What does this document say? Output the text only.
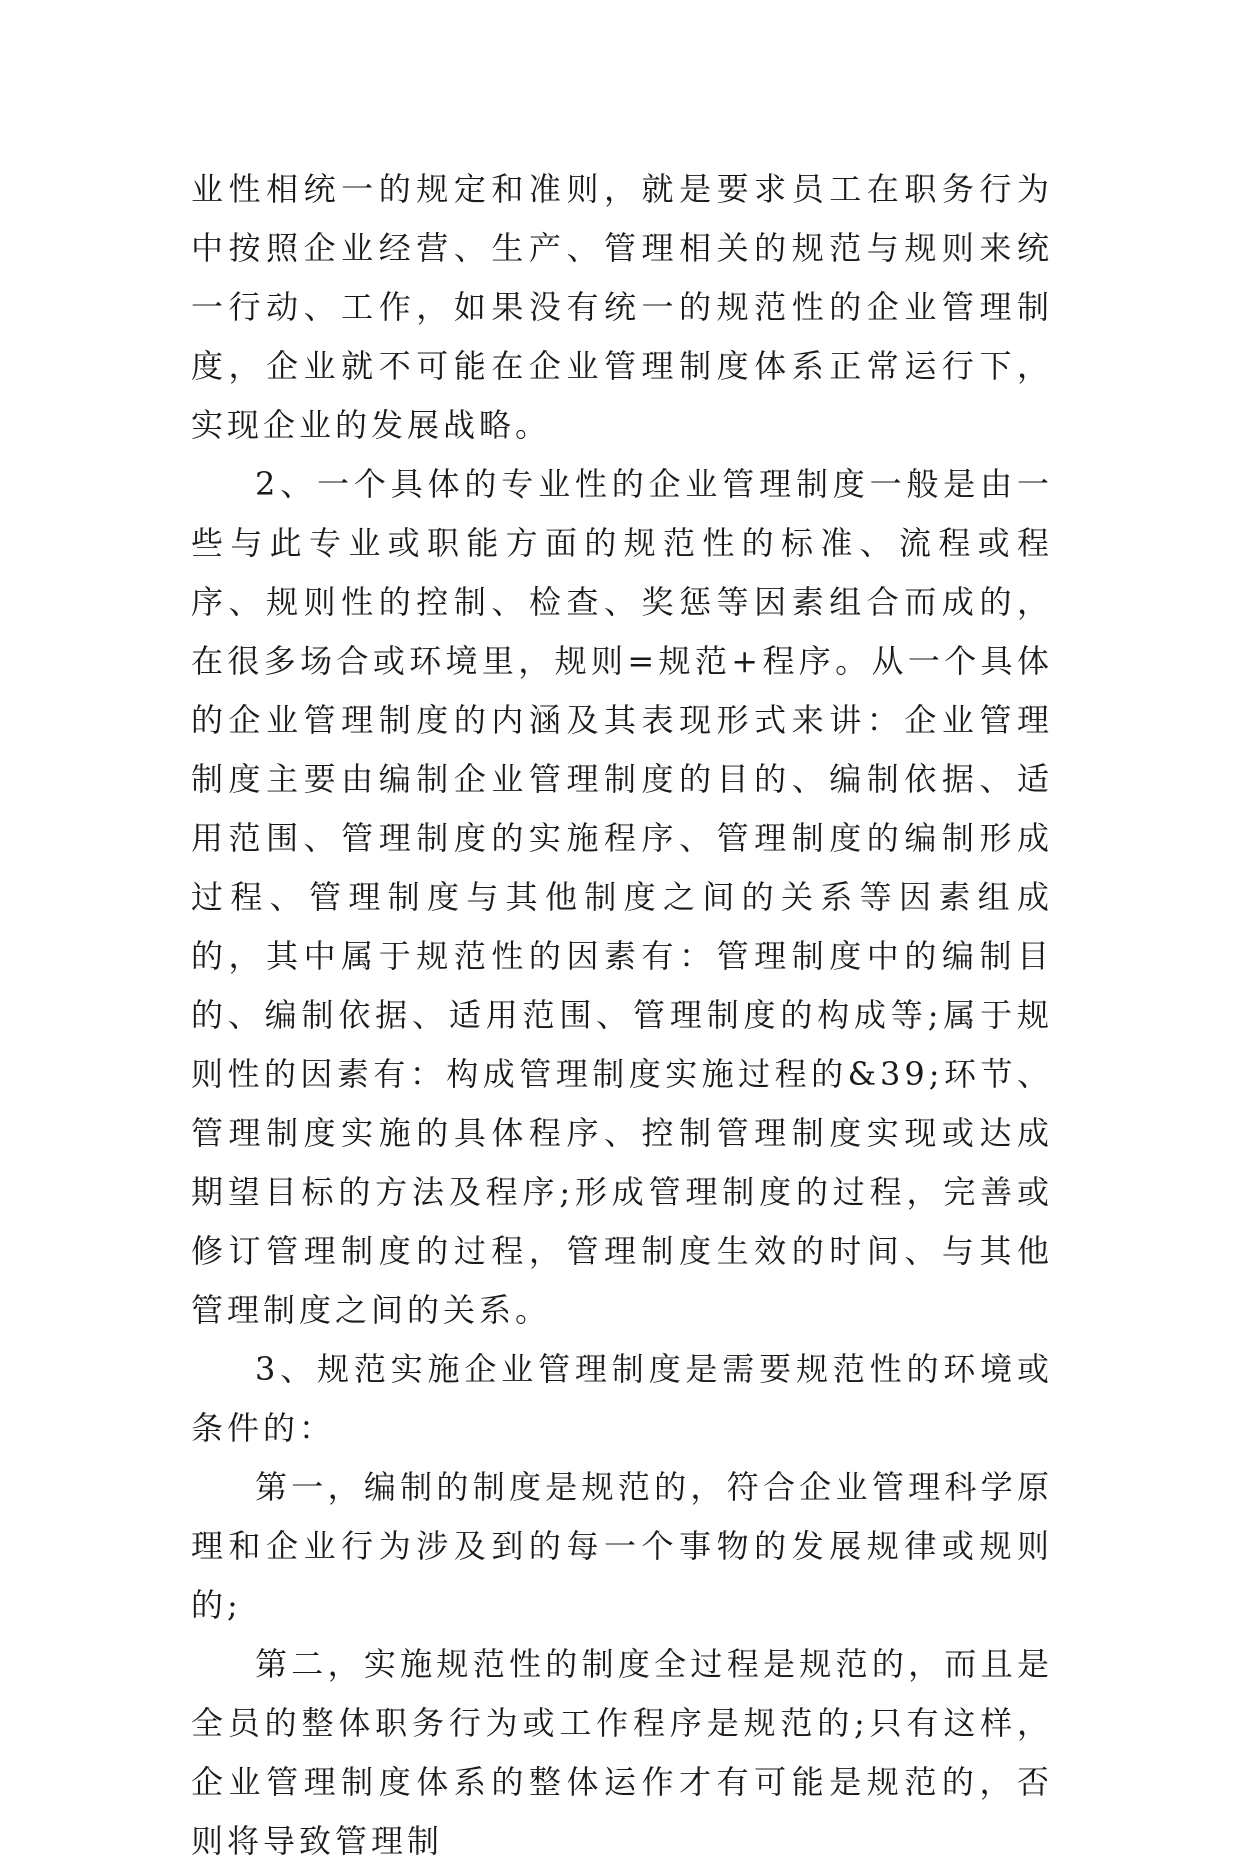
业性相统一的规定和准则，就是要求员工在职务行为中按照企业经营、生产、管理相关的规范与规则来统一行动、工作，如果没有统一的规范性的企业管理制度，企业就不可能在企业管理制度体系正常运行下，实现企业的发展战略。

2、一个具体的专业性的企业管理制度一般是由一些与此专业或职能方面的规范性的标准、流程或程序、规则性的控制、检查、奖惩等因素组合而成的，在很多场合或环境里，规则=规范+程序。从一个具体的企业管理制度的内涵及其表现形式来讲：企业管理制度主要由编制企业管理制度的目的、编制依据、适用范围、管理制度的实施程序、管理制度的编制形成过程、管理制度与其他制度之间的关系等因素组成的，其中属于规范性的因素有：管理制度中的编制目的、编制依据、适用范围、管理制度的构成等;属于规则性的因素有：构成管理制度实施过程的&39;环节、管理制度实施的具体程序、控制管理制度实现或达成期望目标的方法及程序;形成管理制度的过程，完善或修订管理制度的过程，管理制度生效的时间、与其他管理制度之间的关系。

3、规范实施企业管理制度是需要规范性的环境或条件的：

第一，编制的制度是规范的，符合企业管理科学原理和企业行为涉及到的每一个事物的发展规律或规则的;

第二，实施规范性的制度全过程是规范的，而且是全员的整体职务行为或工作程序是规范的;只有这样，企业管理制度体系的整体运作才有可能是规范的，否则将导致管理制
